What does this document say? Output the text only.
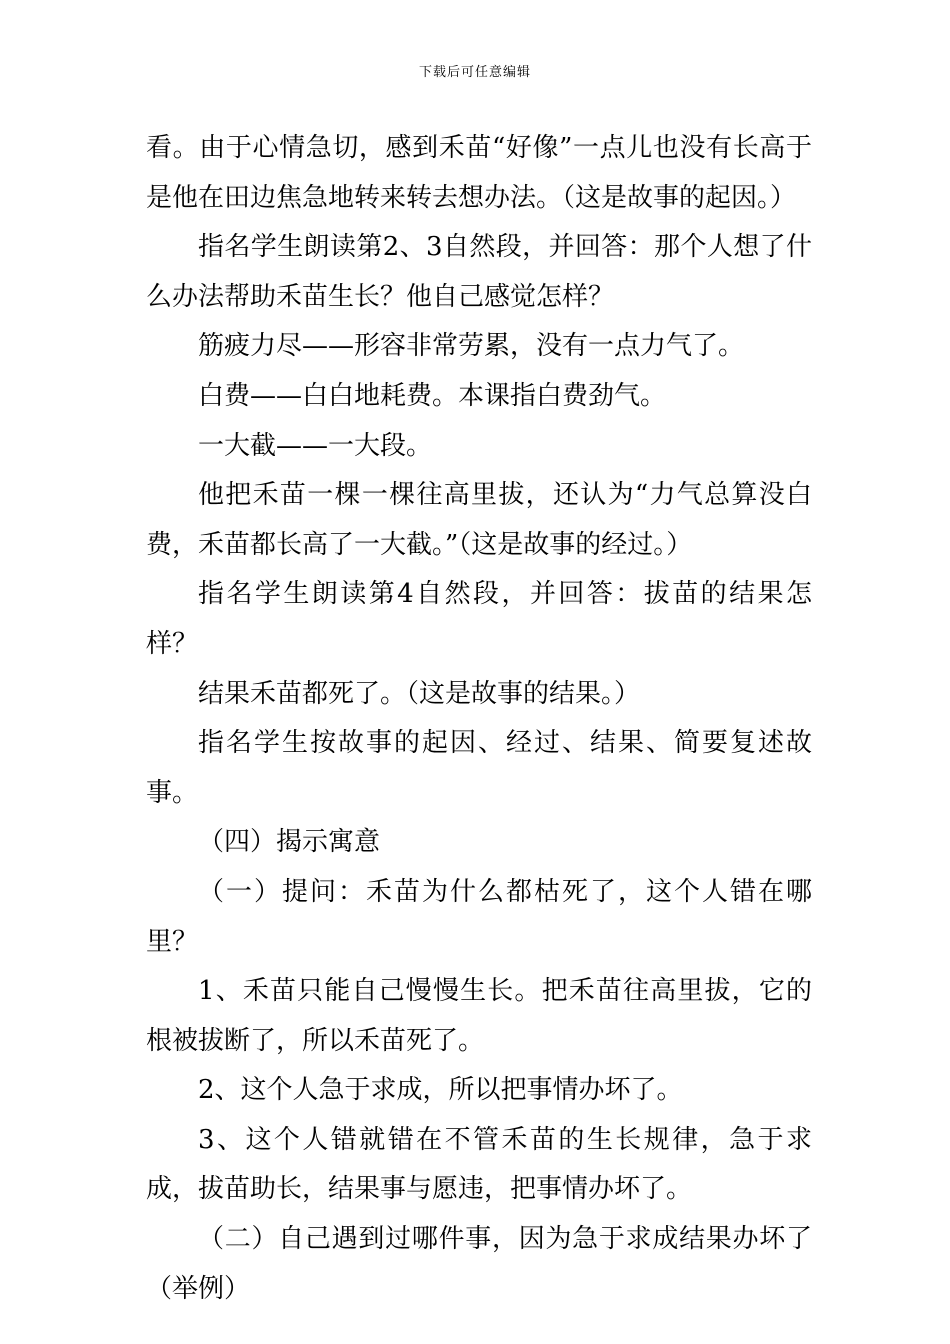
下载后可任意编辑

看。由于心情急切，感到禾苗“好像”一点儿也没有长高于是他在田边焦急地转来转去想办法。（这是故事的起因。）

指名学生朗读第2、3自然段，并回答：那个人想了什么办法帮助禾苗生长？他自己感觉怎样？

筋疲力尽——形容非常劳累，没有一点力气了。

白费——白白地耗费。本课指白费劲气。

一大截——一大段。

他把禾苗一棵一棵往高里拔，还认为“力气总算没白费，禾苗都长高了一大截。”（这是故事的经过。）

指名学生朗读第4自然段，并回答：拔苗的结果怎样？

结果禾苗都死了。（这是故事的结果。）

指名学生按故事的起因、经过、结果、简要复述故事。

（四）揭示寓意

（一）提问：禾苗为什么都枯死了，这个人错在哪里？

1、禾苗只能自己慢慢生长。把禾苗往高里拔，它的根被拔断了，所以禾苗死了。

2、这个人急于求成，所以把事情办坏了。

3、这个人错就错在不管禾苗的生长规律，急于求成，拔苗助长，结果事与愿违，把事情办坏了。

（二）自己遇到过哪件事，因为急于求成结果办坏了（举例）
